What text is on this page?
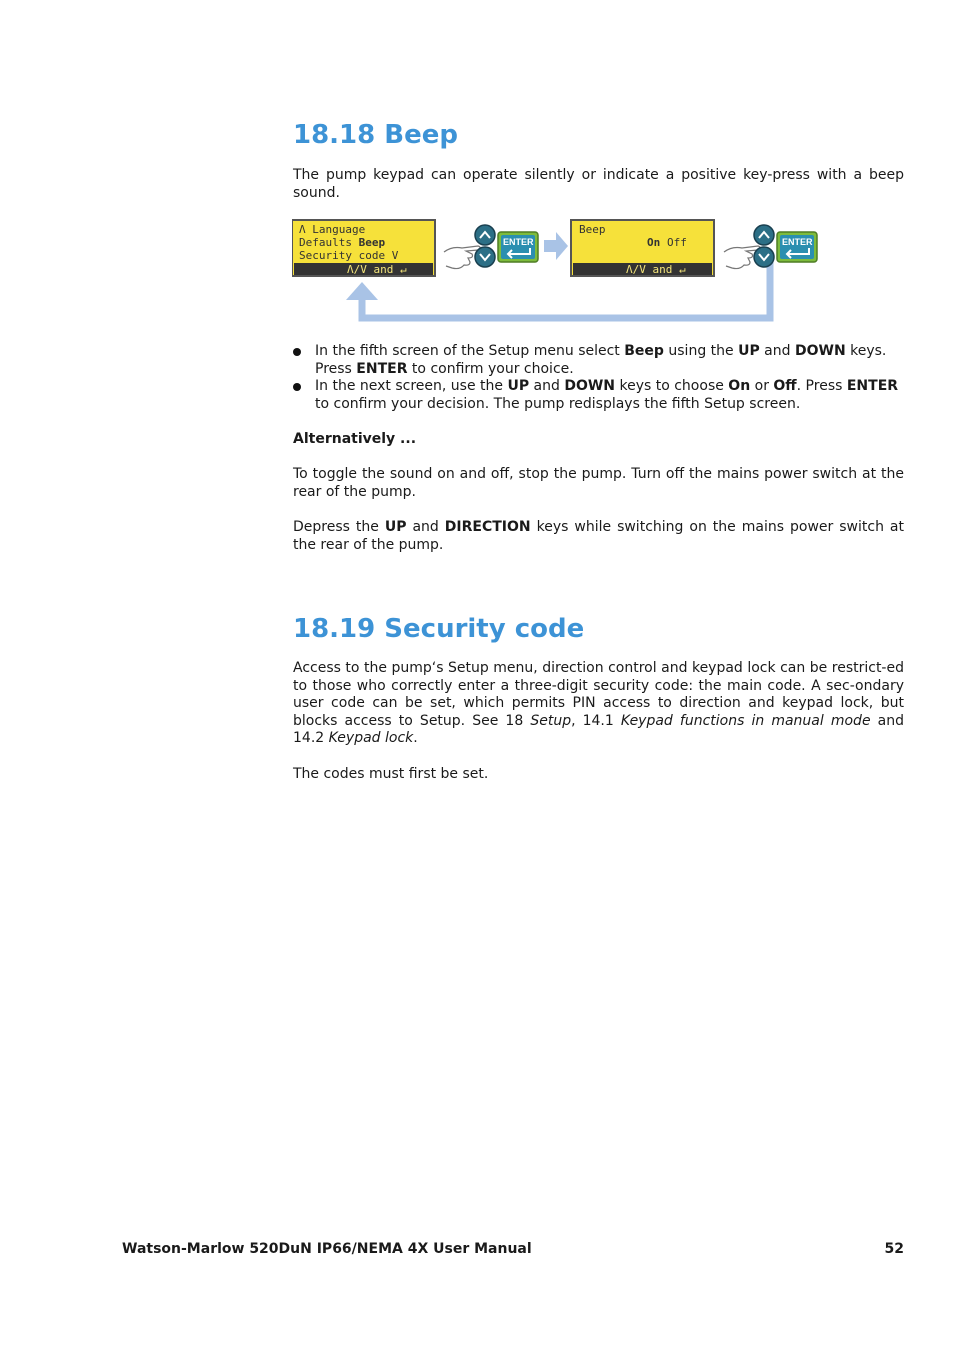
18.18 Beep

The pump keypad can operate silently or indicate a positive key-press with a beep sound.

Λ Language
Defaults Beep
Security code V
Λ/V and ↵
ENTER
Beep
On Off
Λ/V and ↵
ENTER
In the fifth screen of the Setup menu select Beep using the UP and DOWN keys. Press ENTER to confirm your choice.
In the next screen, use the UP and DOWN keys to choose On or Off. Press ENTER to confirm your decision. The pump redisplays the fifth Setup screen.

Alternatively ...

To toggle the sound on and off, stop the pump. Turn off the mains power switch at the rear of the pump.

Depress the UP and DIRECTION keys while switching on the mains power switch at the rear of the pump.

18.19 Security code

Access to the pump‘s Setup menu, direction control and keypad lock can be restrict-ed to those who correctly enter a three-digit security code: the main code. A sec-ondary user code can be set, which permits PIN access to direction and keypad lock, but blocks access to Setup. See 18 Setup, 14.1 Keypad functions in manual mode and 14.2 Keypad lock.

The codes must first be set.

Watson-Marlow 520DuN IP66/NEMA 4X User Manual	52
